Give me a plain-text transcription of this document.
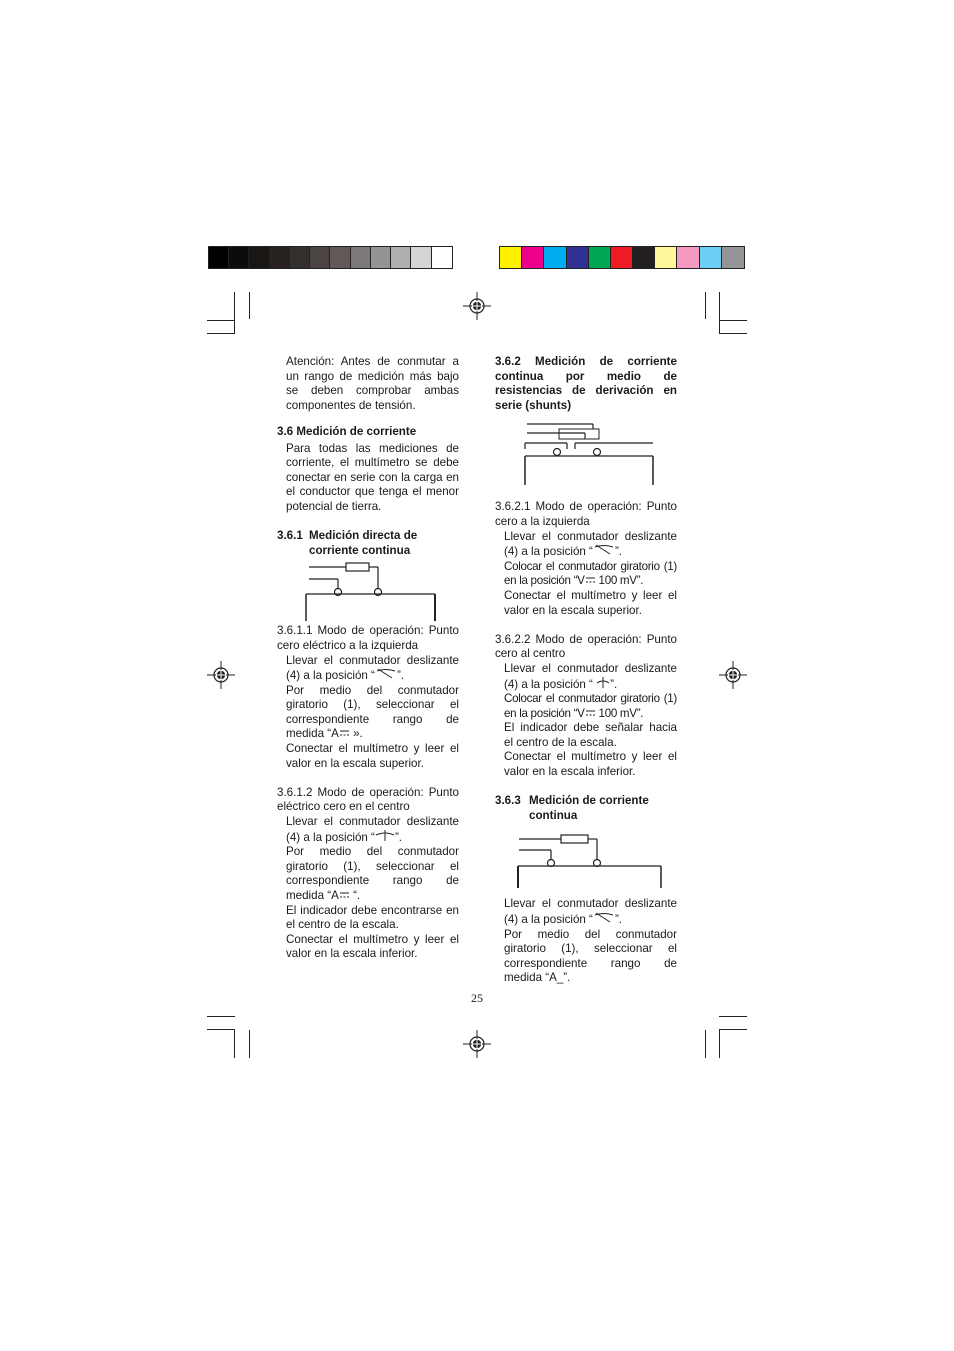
Atención: Antes de conmutar a un rango de medición más bajo se deben comprobar ambas componentes de tensión.

3.6 Medición de corriente

Para todas las mediciones de corriente, el multímetro se debe conectar en serie con la carga en el conductor que tenga el menor potencial de tierra.

3.6.1 Medición directa de corriente continua

3.6.1.1 Modo de operación: Punto cero eléctrico a la izquierda

Llevar el conmutador deslizante (4) a la posición “ ”.

Por medio del conmutador giratorio (1), seleccionar el correspondiente rango de medida “A ».

Conectar el multímetro y leer el valor en la escala superior.

3.6.1.2 Modo de operación: Punto eléctrico cero en el centro

Llevar el conmutador deslizante (4) a la posición “ ”.

Por medio del conmutador giratorio (1), seleccionar el correspondiente rango de medida “A “.

El indicador debe encontrarse en el centro de la escala.

Conectar el multímetro y leer el valor en la escala inferior.

3.6.2 Medición de corriente continua por medio de resistencias de derivación en serie (shunts)

3.6.2.1 Modo de operación: Punto cero a la izquierda

Llevar el conmutador deslizante (4) a la posición “ ”.

Colocar el conmutador giratorio (1) en la posición “V 100 mV”.

Conectar el multímetro y leer el valor en la escala superior.

3.6.2.2 Modo de operación: Punto cero al centro

Llevar el conmutador deslizante (4) a la posición “ ”.

Colocar el conmutador giratorio (1) en la posición “V 100 mV”.

El indicador debe señalar hacia el centro de la escala.

Conectar el multímetro y leer el valor en la escala inferior.

3.6.3 Medición de corriente continua

Llevar el conmutador deslizante (4) a la posición “ ”.

Por medio del conmutador giratorio (1), seleccionar el correspondiente rango de medida “A_”.

25
